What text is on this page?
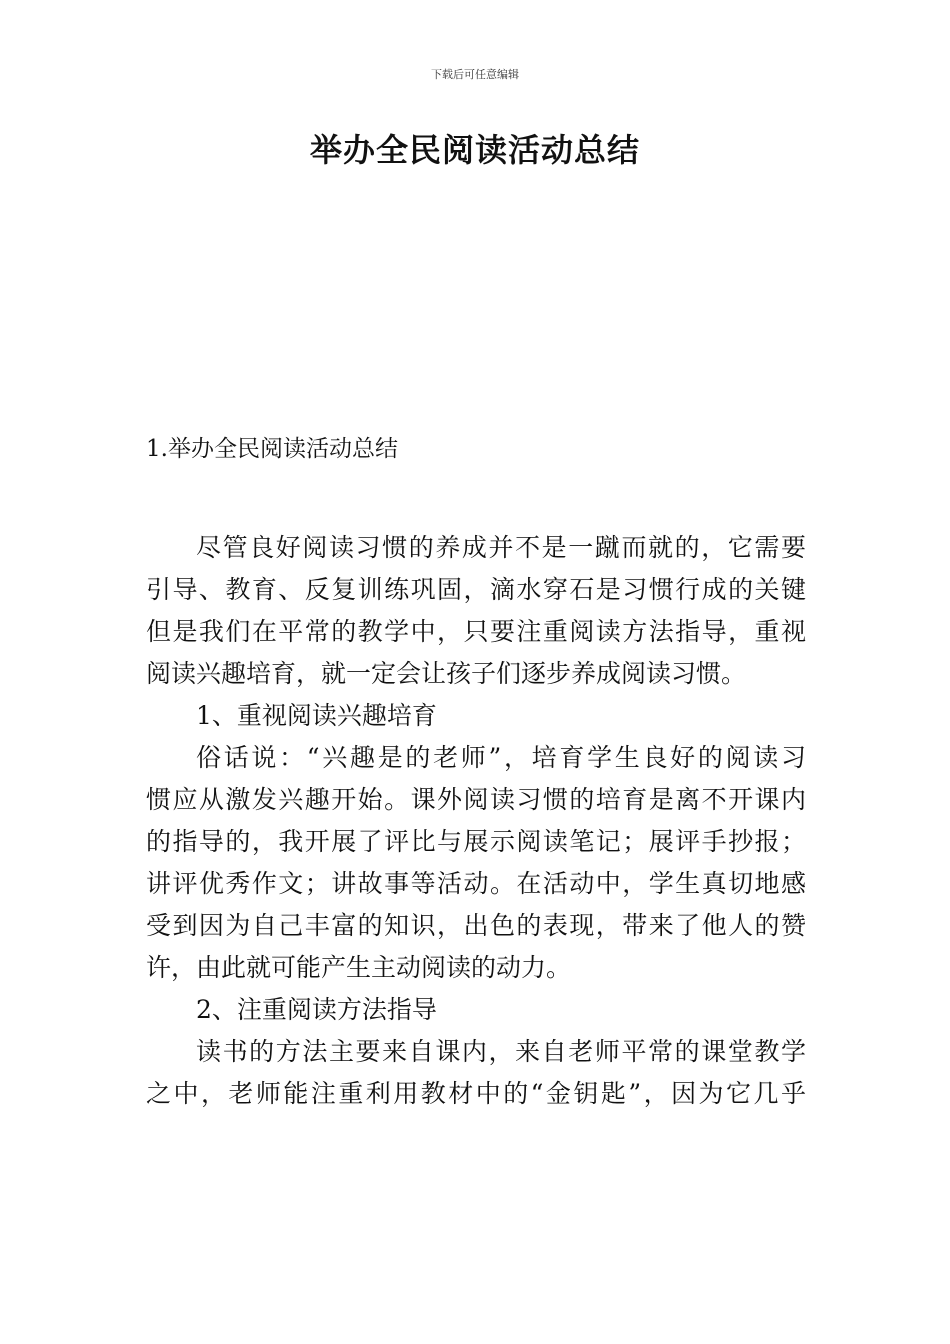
下载后可任意编辑
举办全民阅读活动总结
1.举办全民阅读活动总结
尽管良好阅读习惯的养成并不是一蹴而就的，它需要
引导、教育、反复训练巩固，滴水穿石是习惯行成的关键
但是我们在平常的教学中，只要注重阅读方法指导，重视
阅读兴趣培育，就一定会让孩子们逐步养成阅读习惯。
1、重视阅读兴趣培育
俗话说：“兴趣是的老师”，培育学生良好的阅读习
惯应从激发兴趣开始。课外阅读习惯的培育是离不开课内
的指导的，我开展了评比与展示阅读笔记；展评手抄报；
讲评优秀作文；讲故事等活动。在活动中，学生真切地感
受到因为自己丰富的知识，出色的表现，带来了他人的赞
许，由此就可能产生主动阅读的动力。
2、注重阅读方法指导
读书的方法主要来自课内，来自老师平常的课堂教学
之中，老师能注重利用教材中的“金钥匙”，因为它几乎
